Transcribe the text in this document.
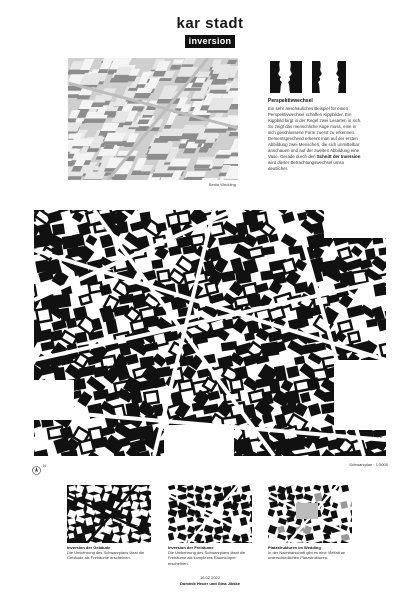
kar stadt
inversion
Berlin Wedding
Perspektivwechsel
Ein sehr anschauliches Beispiel für einen Perspektivwechsel schaffen Kippbilder. Ein Kippbild birgt in der Regel zwei Lesarten in sich. So zeigt das menschliche Auge muss, eine in sich geschlossene Form zuerst zu erkennen. Dementsprechend erkennt man auf der ersten Abbildung zwei Menschen, die sich unmittelbar anschauen und auf der zweiten Abbildung eine Vase. Gerade durch den Schnitt der Inversion wird dieser Betrachtungswechsel umso deutlicher.
N	Schwarzplan · 1:5000
Inversion der Gebäude
Die Umkehrung des Schwarzplans lässt die Gebäude als Freiräume erscheinen.
Inversion der Freiräume
Die Umkehrung des Schwarzplans lässt die Freiräume als komplexes Raumkörper erscheinen.
Platzstrukturen im Wedding
In der Nachbarschaft gibt es eine Vielfalt an unterschiedlichen Platzstrukturen.
16.02.2022
Dominik Heuer und Gina Jikkke
